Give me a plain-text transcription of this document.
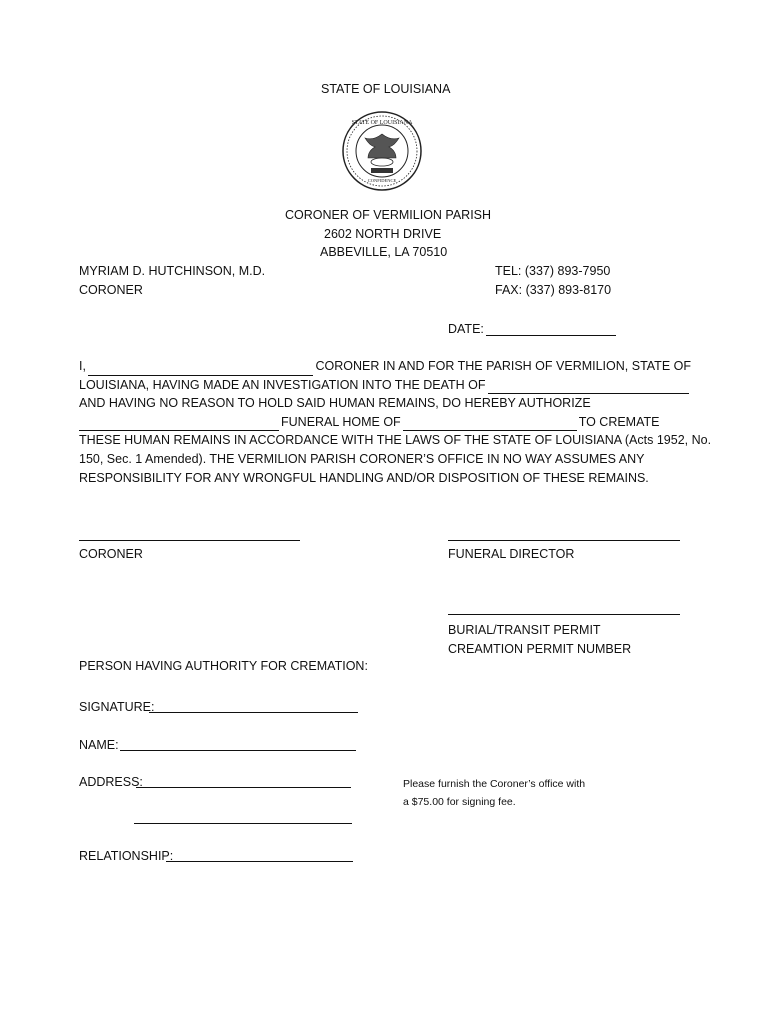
STATE OF LOUISIANA
STATE OF LOUISIANA
CONFIDENCE
CORONER OF VERMILION PARISH
2602 NORTH DRIVE
ABBEVILLE, LA 70510
MYRIAM D. HUTCHINSON, M.D.
CORONER
TEL: (337) 893-7950
FAX: (337) 893-8170
DATE:
I,	CORONER IN AND FOR THE PARISH OF VERMILION, STATE OF
LOUISIANA, HAVING MADE AN INVESTIGATION INTO THE DEATH OF
AND HAVING NO REASON TO HOLD SAID HUMAN REMAINS, DO HEREBY AUTHORIZE
FUNERAL HOME OF	TO CREMATE
THESE HUMAN REMAINS IN ACCORDANCE WITH THE LAWS OF THE STATE OF LOUISIANA (Acts 1952, No.
150, Sec. 1 Amended). THE VERMILION PARISH CORONER’S OFFICE IN NO WAY ASSUMES ANY
RESPONSIBILITY FOR ANY WRONGFUL HANDLING AND/OR DISPOSITION OF THESE REMAINS.
CORONER	FUNERAL DIRECTOR
BURIAL/TRANSIT PERMIT
CREAMTION PERMIT NUMBER
PERSON HAVING AUTHORITY FOR CREMATION:
SIGNATURE:
NAME:
ADDRESS:
RELATIONSHIP:
Please furnish the Coroner’s office with
a $75.00 for signing fee.
